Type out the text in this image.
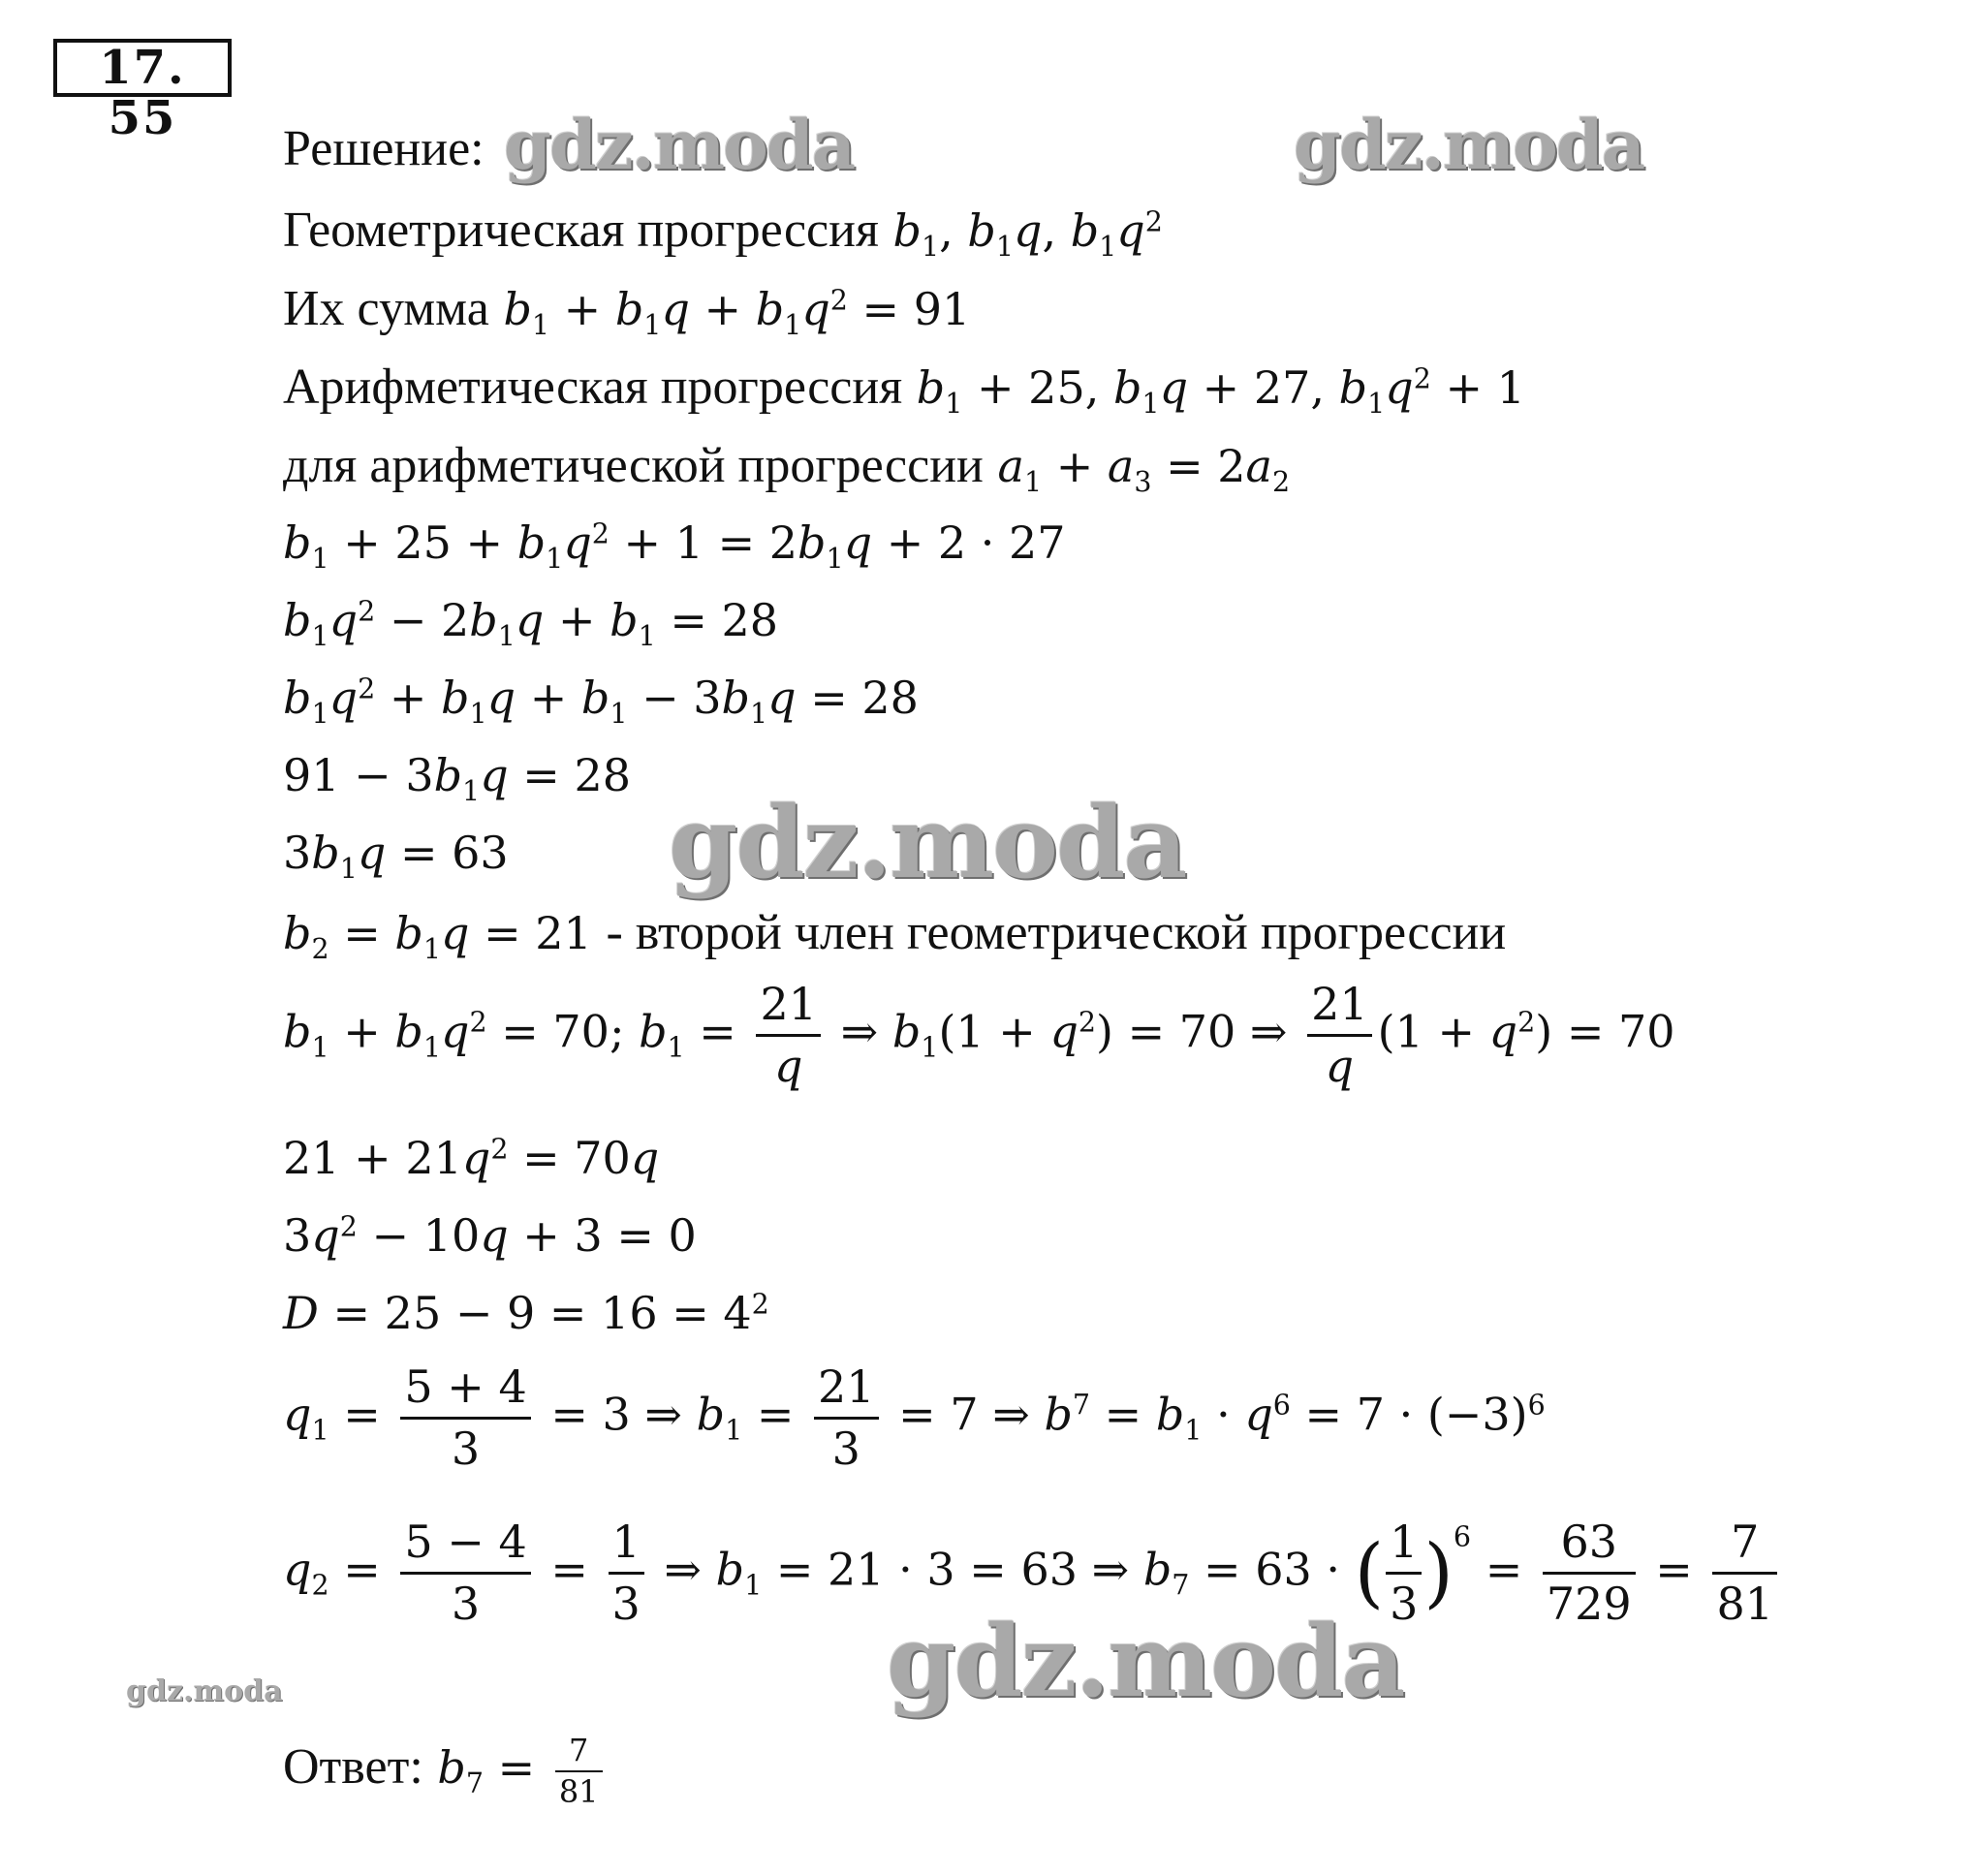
17. 55
Решение:
Геометрическая прогрессия $b_1$, $b_1q$, $b_1q^2$
Их сумма $b_1 + b_1q + b_1q^2 = 91$
Арифметическая прогрессия $b_1 + 25$, $b_1q + 27$, $b_1q^2 + 1$
для арифметической прогрессии $a_1 + a_3 = 2a_2$
$b_1 + 25 + b_1q^2 + 1 = 2b_1q + 2 \cdot 27$
$b_1q^2 - 2b_1q + b_1 = 28$
$b_1q^2 + b_1q + b_1 - 3b_1q = 28$
$91 - 3b_1q = 28$
$3b_1q = 63$
$b_2 = b_1q = 21$ - второй член геометрической прогрессии
$b_1 + b_1q^2 = 70$; $b_1 = \frac{21}{q}$ ⇒ $b_1(1 + q^2) = 70$ ⇒ $\frac{21}{q} (1 + q^2) = 70$
$21 + 21q^2 = 70q$
$3q^2 - 10q + 3 = 0$
$D = 25 - 9 = 16 = 4^2$
$q_1 = \frac{5 + 4}{3} = 3$ ⇒ $b_1 = \frac{21}{3} = 7$ ⇒ $b^7 = b_1 \cdot q^6 = 7 \cdot (-3)^6$
$q_2 = \frac{5 - 4}{3} = \frac{1}{3}$ ⇒ $b_1 = 21 \cdot 3 = 63$ ⇒ $b_7 = 63$ · ( $\frac{1}{3} )^6 = \frac{63}{729} = \frac{7}{81}$
Ответ: $b_7 = \frac{7}{81}$
gdz.moda	gdz.moda
gdz.moda
gdz.moda
gdz.moda
